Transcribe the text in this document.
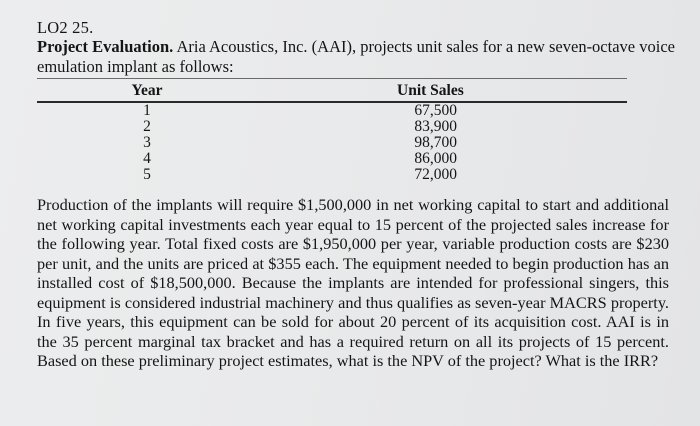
LO2 25.
Project Evaluation. Aria Acoustics, Inc. (AAI), projects unit sales for a new seven-octave voice emulation implant as follows:
Year	Unit Sales
1	67,500
2	83,900
3	98,700
4	86,000
5	72,000
Production of the implants will require $1,500,000 in net working capital to start and additional net working capital investments each year equal to 15 percent of the projected sales increase for the following year. Total fixed costs are $1,950,000 per year, variable production costs are $230 per unit, and the units are priced at $355 each. The equipment needed to begin production has an installed cost of $18,500,000. Because the implants are intended for professional singers, this equipment is considered industrial machinery and thus qualifies as seven-year MACRS property. In five years, this equipment can be sold for about 20 percent of its acquisition cost. AAI is in the 35 percent marginal tax bracket and has a required return on all its projects of 15 percent. Based on these preliminary project estimates, what is the NPV of the project? What is the IRR?
